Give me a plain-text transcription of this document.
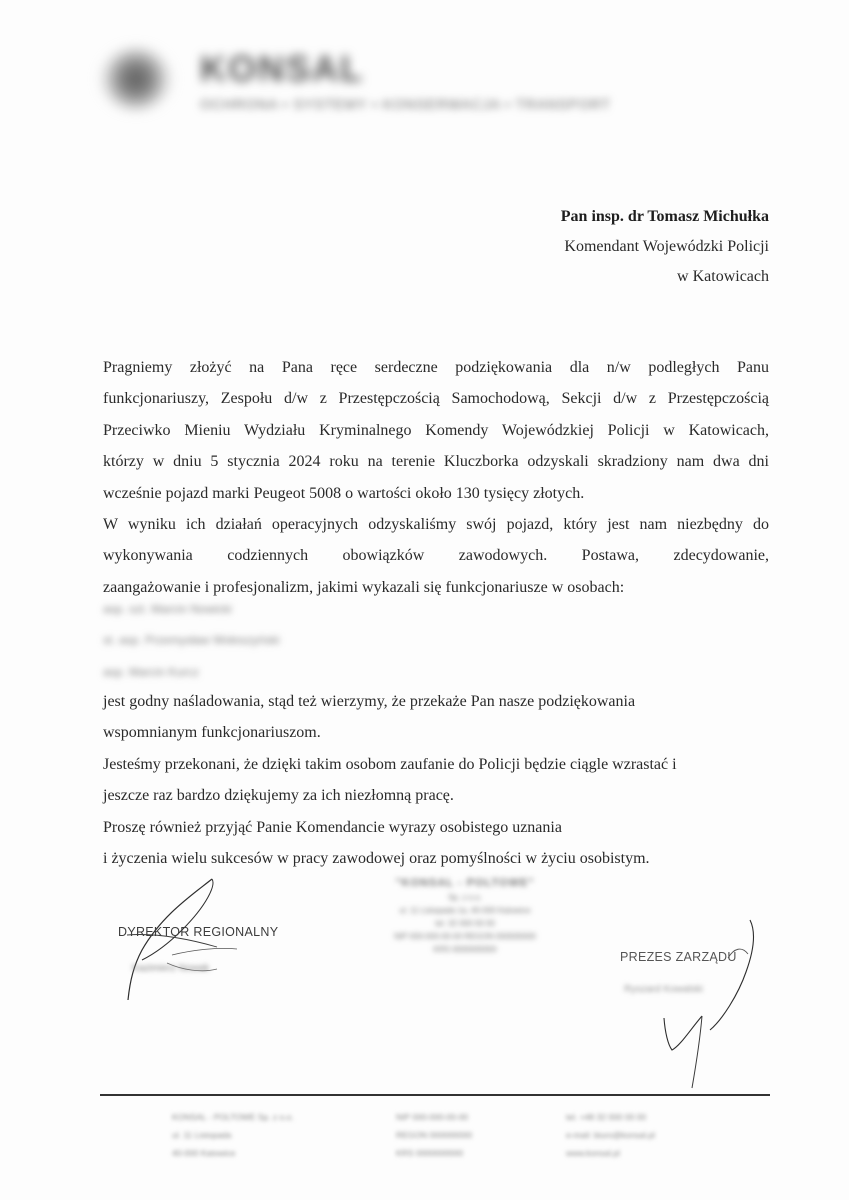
KONSAL
OCHRONA • SYSTEMY • KONSERWACJA • TRANSPORT
Pan insp. dr Tomasz Michułka
Komendant Wojewódzki Policji
w Katowicach

Pragniemy złożyć na Pana ręce serdeczne podziękowania dla n/w podległych Panu

funkcjonariuszy, Zespołu d/w z Przestępczością Samochodową, Sekcji d/w z Przestępczością

Przeciwko Mieniu Wydziału Kryminalnego Komendy Wojewódzkiej Policji w Katowicach,

którzy w dniu 5 stycznia 2024 roku na terenie Kluczborka odzyskali skradziony nam dwa dni

wcześnie pojazd marki Peugeot 5008 o wartości około 130 tysięcy złotych.

W wyniku ich działań operacyjnych odzyskaliśmy swój pojazd, który jest nam niezbędny do

wykonywania codziennych obowiązków zawodowych. Postawa, zdecydowanie,

zaangażowanie i profesjonalizm, jakimi wykazali się funkcjonariusze w osobach:

asp. szt. Marcin Nowicki
st. asp. Przemysław Wołoszyński
asp. Marcin Kurcz

jest godny naśladowania, stąd też wierzymy, że przekaże Pan nasze podziękowania

wspomnianym funkcjonariuszom.

Jesteśmy przekonani, że dzięki takim osobom zaufanie do Policji będzie ciągle wzrastać i

jeszcze raz bardzo dziękujemy za ich niezłomną pracę.

Proszę również przyjąć Panie Komendancie wyrazy osobistego uznania

i życzenia wielu sukcesów w pracy zawodowej oraz pomyślności w życiu osobistym.

DYREKTOR REGIONALNY
Kazimierz Nowak
"KONSAL - POLTOWE"
Sp. z o.o.
ul. 11 Listopada 1a, 40-000 Katowice
tel. 32 000 00 00
NIP 000-000-00-00 REGON 000000000
KRS 0000000000
PREZES ZARZĄDU
Ryszard Kowalski
KONSAL - POLTOWE Sp. z o.o.
ul. 11 Listopada
40-000 Katowice
NIP 000-000-00-00
REGON 000000000
KRS 0000000000
tel. +48 32 000 00 00
e-mail: biuro@konsal.pl
www.konsal.pl
